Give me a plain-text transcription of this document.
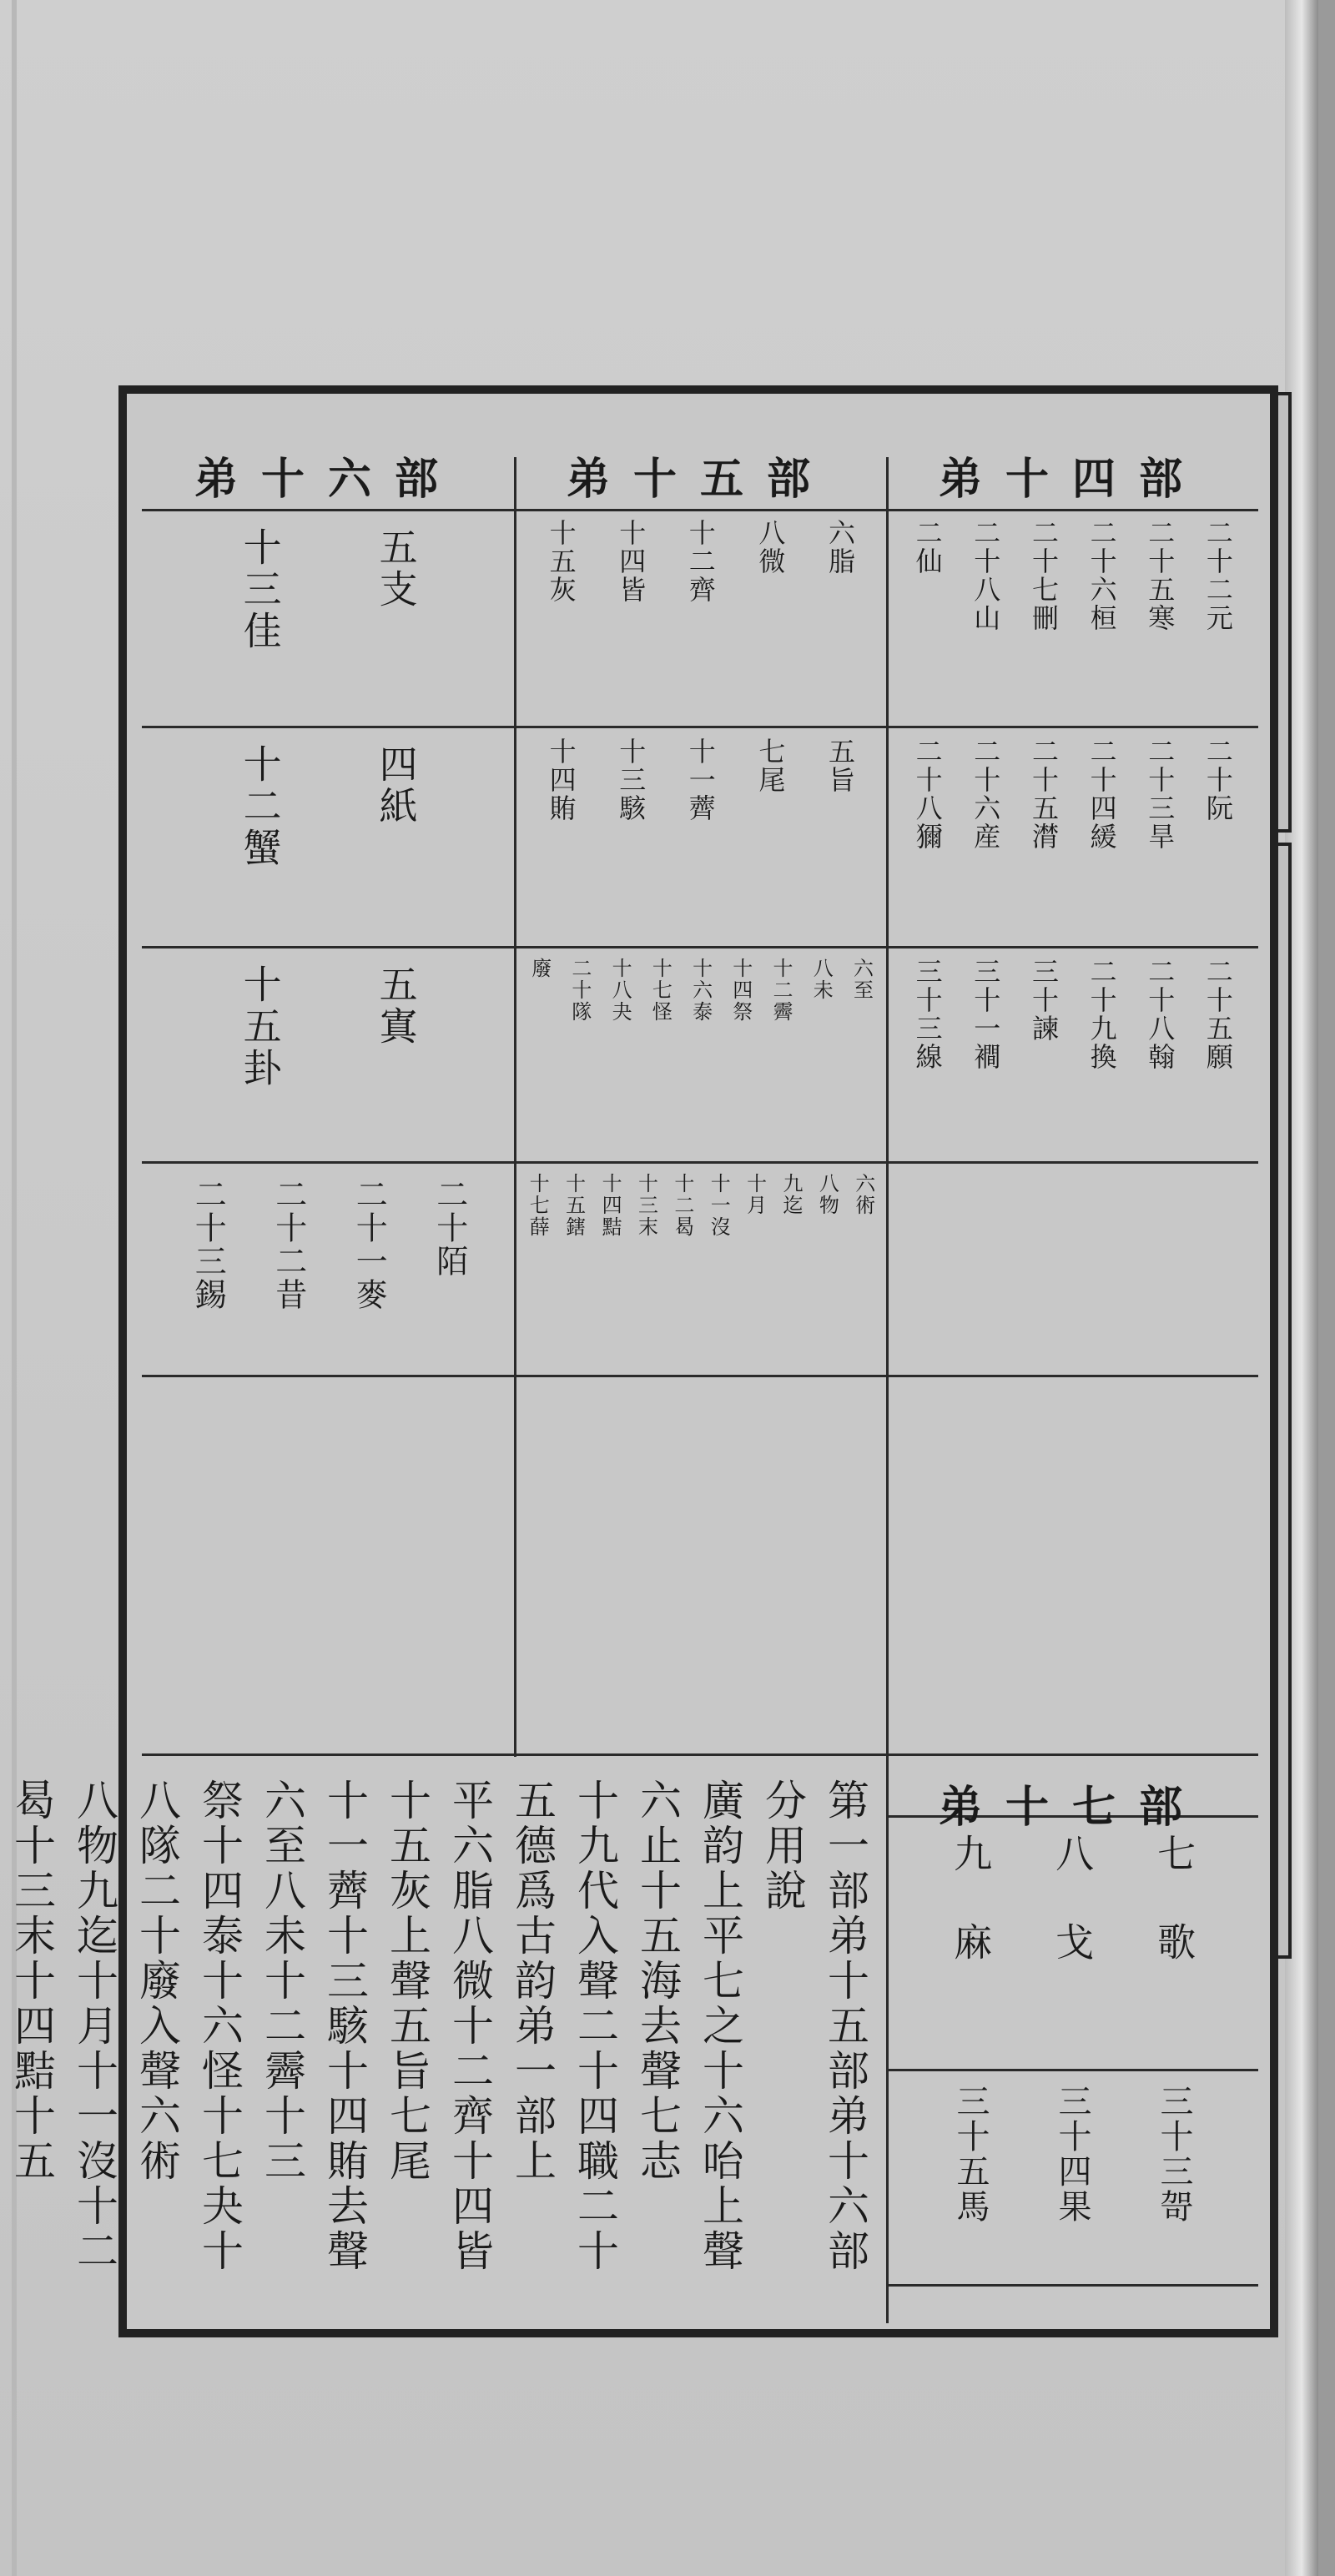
弟十六部	弟十五部	弟十四部
二十二元
二十五寒
二十六桓
二十七刪
二十八山
二仙
二十阮
二十三旱
二十四緩
二十五潸
二十六産
二十八獮
二十五願
二十八翰
二十九換
三十諫
三十一襇
三十三線
六脂
八微
十二齊
十四皆
十五灰
五旨
七尾
十一薺
十三駭
十四賄
六至
八未
十二霽
十四祭
十六泰
十七怪
十八夬
二十隊
廢
六術
八物
九迄
十月
十一沒
十二曷
十三末
十四黠
十五鎋
十七薛
五支
十三佳
四紙
十二蟹
五寘
十五卦
二十陌
二十一麥
二十二昔
二十三錫
弟十七部
七歌
八戈
九麻
三十三哿
三十四果
三十五馬
第一部弟十五部弟十六部分用說
廣韵上平七之十六咍上聲六止十五海去聲七志
十九代入聲二十四職二十五德爲古韵弟一部上
平六脂八微十二齊十四皆十五灰上聲五旨七尾
十一薺十三駭十四賄去聲六至八未十二霽十三
祭十四泰十六怪十七夬十八隊二十廢入聲六術
八物九迄十月十一沒十二曷十三末十四黠十五
